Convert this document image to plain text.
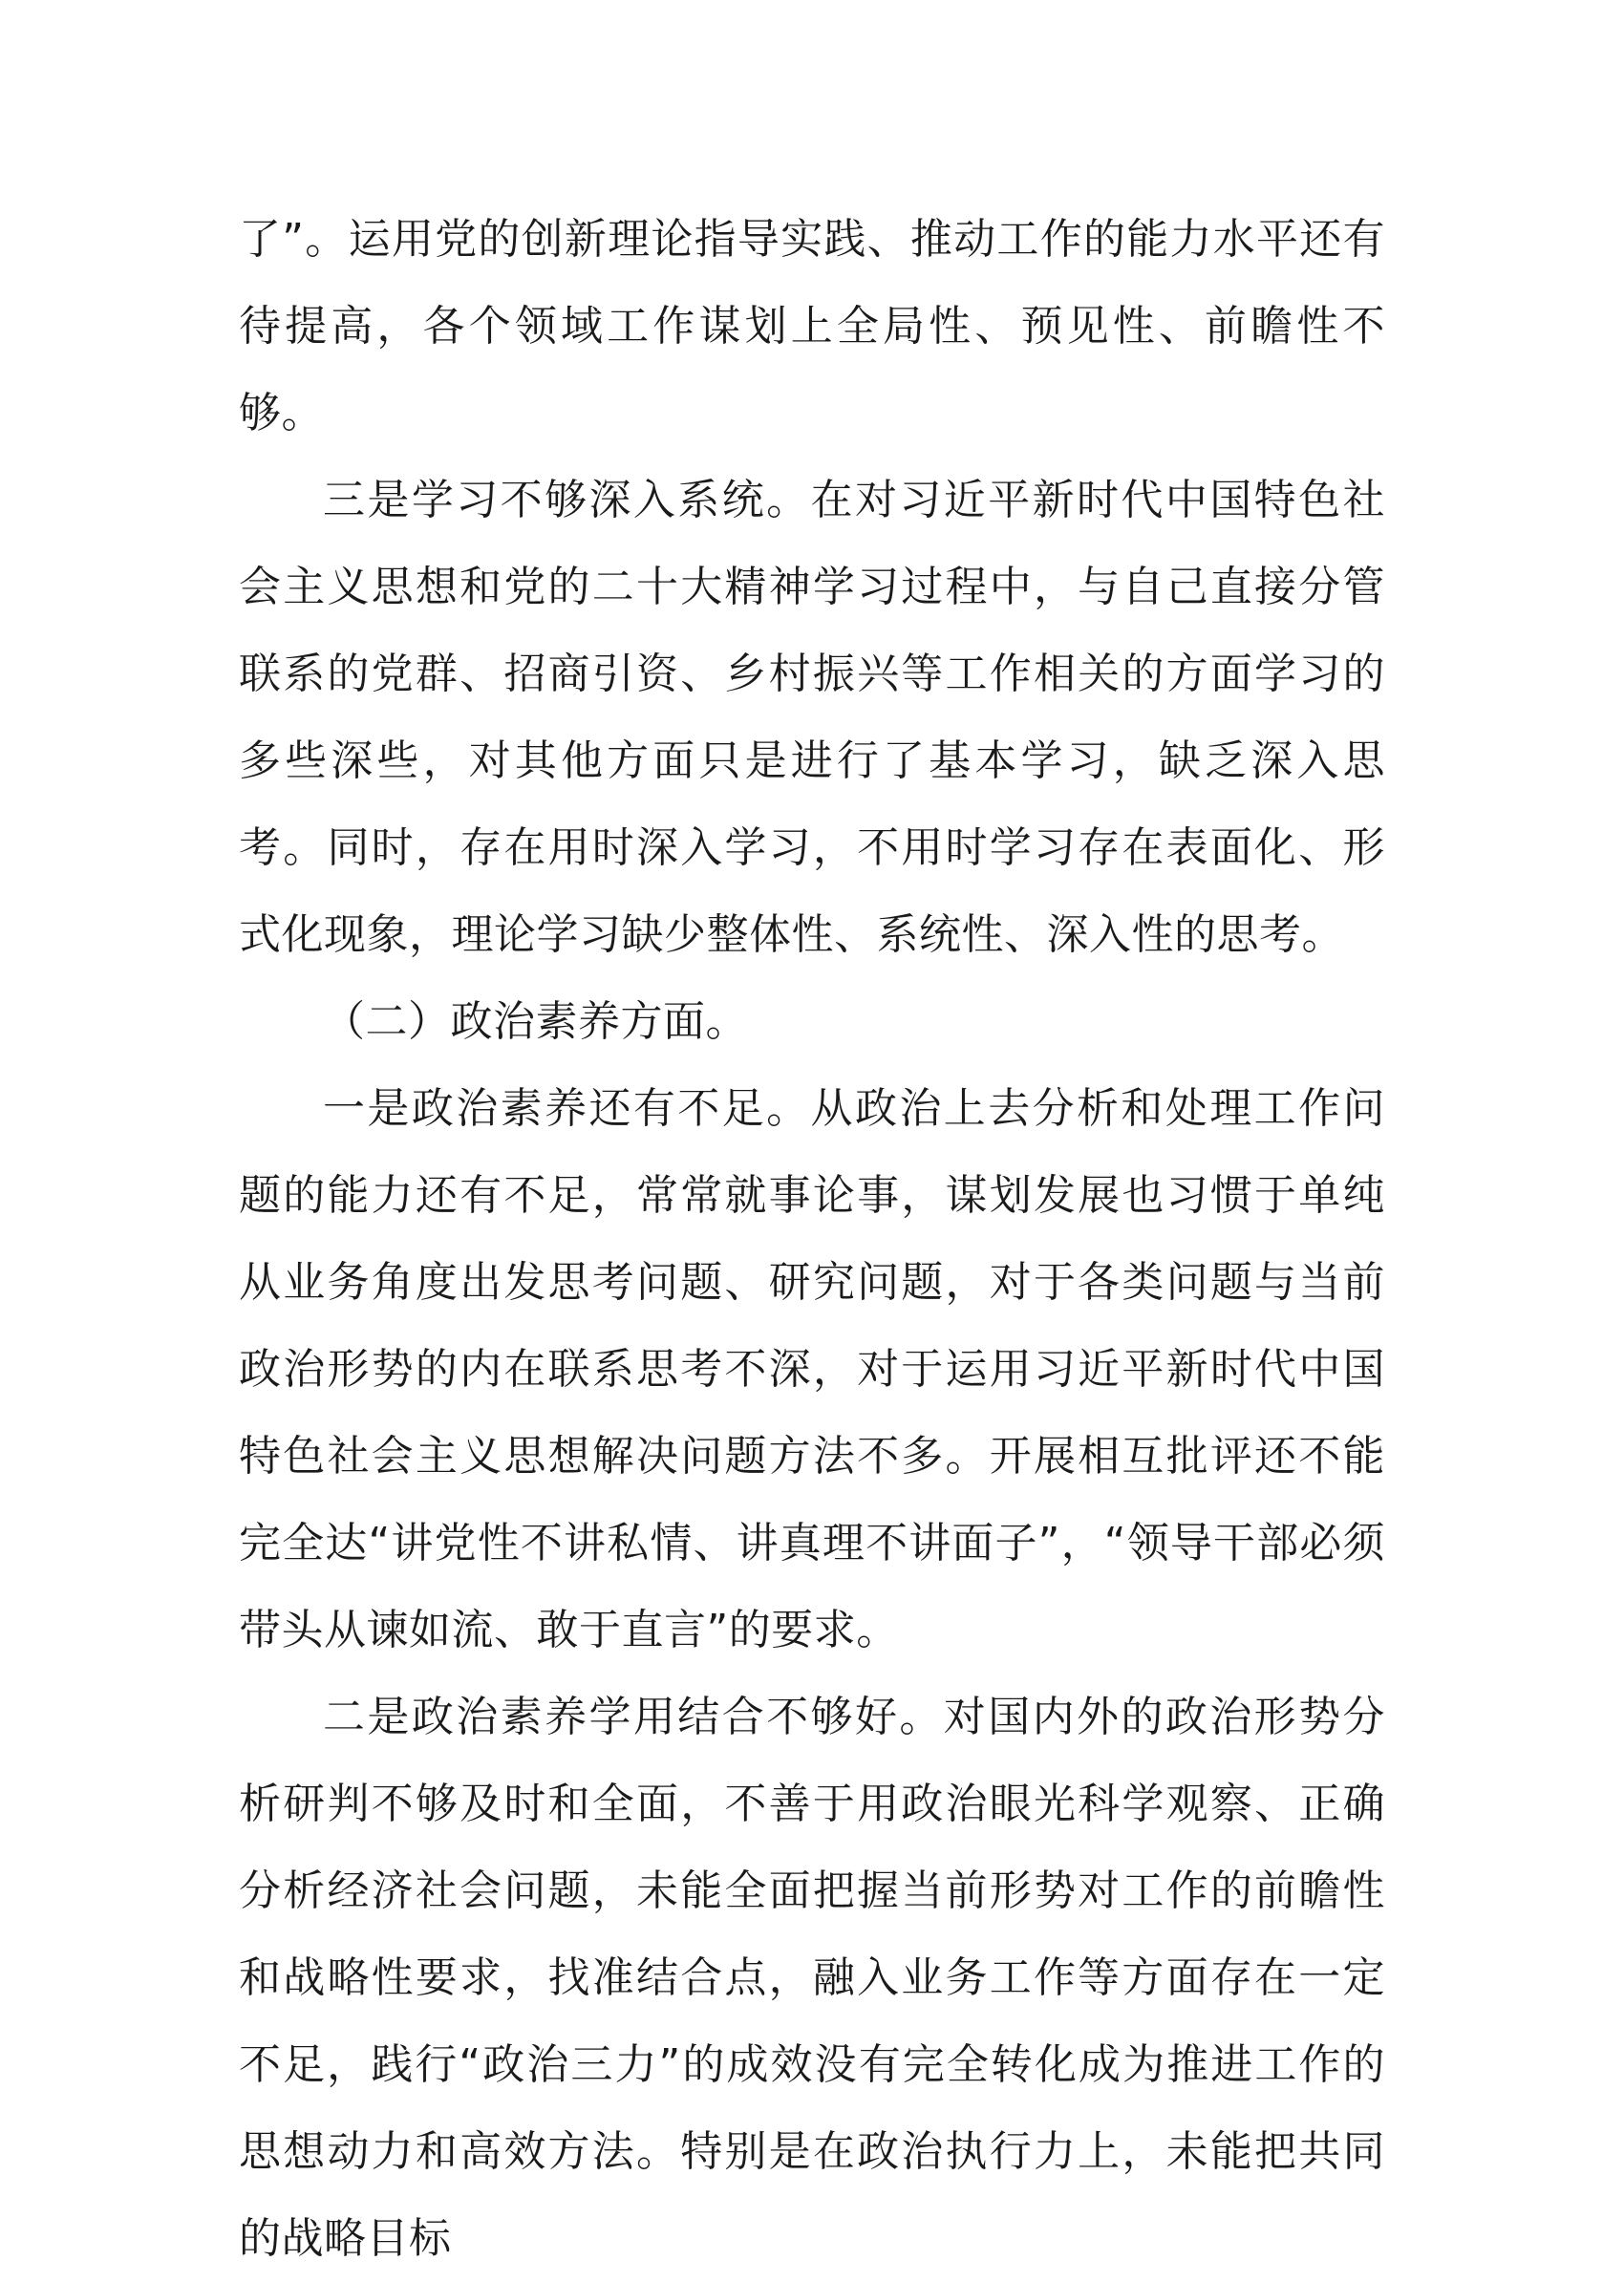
了”。运用党的创新理论指导实践、推动工作的能力水平还有待提高，各个领域工作谋划上全局性、预见性、前瞻性不够。

三是学习不够深入系统。在对习近平新时代中国特色社会主义思想和党的二十大精神学习过程中，与自己直接分管联系的党群、招商引资、乡村振兴等工作相关的方面学习的多些深些，对其他方面只是进行了基本学习，缺乏深入思考。同时，存在用时深入学习，不用时学习存在表面化、形式化现象，理论学习缺少整体性、系统性、深入性的思考。

（二）政治素养方面。

一是政治素养还有不足。从政治上去分析和处理工作问题的能力还有不足，常常就事论事，谋划发展也习惯于单纯从业务角度出发思考问题、研究问题，对于各类问题与当前政治形势的内在联系思考不深，对于运用习近平新时代中国特色社会主义思想解决问题方法不多。开展相互批评还不能完全达“讲党性不讲私情、讲真理不讲面子”，“领导干部必须带头从谏如流、敢于直言”的要求。

二是政治素养学用结合不够好。对国内外的政治形势分析研判不够及时和全面，不善于用政治眼光科学观察、正确分析经济社会问题，未能全面把握当前形势对工作的前瞻性和战略性要求，找准结合点，融入业务工作等方面存在一定不足，践行“政治三力”的成效没有完全转化成为推进工作的思想动力和高效方法。特别是在政治执行力上，未能把共同的战略目标
